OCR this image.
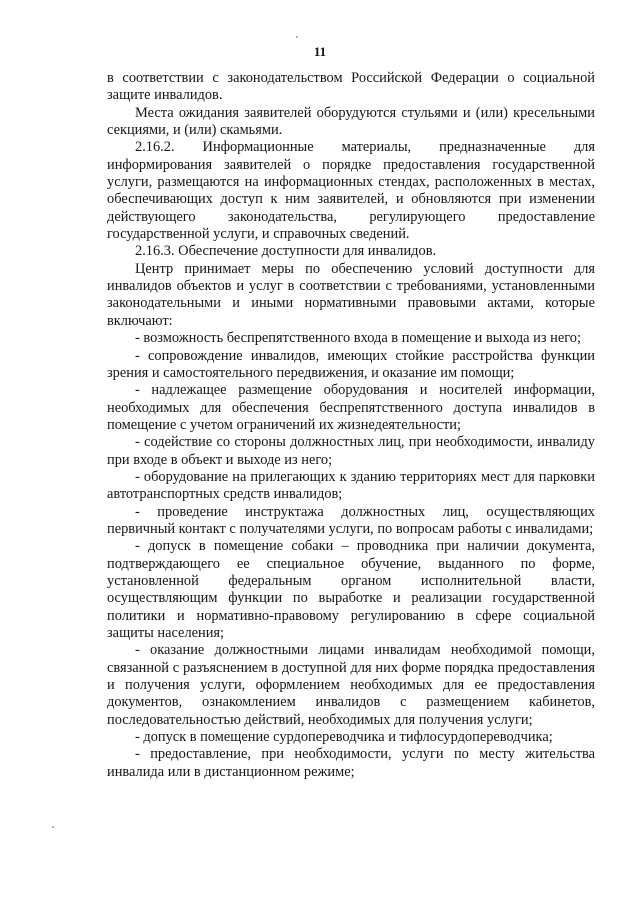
11

в соответствии с законодательством Российской Федерации о социальной защите инвалидов.

Места ожидания заявителей оборудуются стульями и (или) кресельными секциями, и (или) скамьями.

2.16.2. Информационные материалы, предназначенные для информирования заявителей о порядке предоставления государственной услуги, размещаются на информационных стендах, расположенных в местах, обеспечивающих доступ к ним заявителей, и обновляются при изменении действующего законодательства, регулирующего предоставление государственной услуги, и справочных сведений.

2.16.3. Обеспечение доступности для инвалидов.

Центр принимает меры по обеспечению условий доступности для инвалидов объектов и услуг в соответствии с требованиями, установленными законодательными и иными нормативными правовыми актами, которые включают:

- возможность беспрепятственного входа в помещение и выхода из него;

- сопровождение инвалидов, имеющих стойкие расстройства функции зрения и самостоятельного передвижения, и оказание им помощи;

- надлежащее размещение оборудования и носителей информации, необходимых для обеспечения беспрепятственного доступа инвалидов в помещение с учетом ограничений их жизнедеятельности;

- содействие со стороны должностных лиц, при необходимости, инвалиду при входе в объект и выходе из него;

- оборудование на прилегающих к зданию территориях мест для парковки автотранспортных средств инвалидов;

- проведение инструктажа должностных лиц, осуществляющих первичный контакт с получателями услуги, по вопросам работы с инвалидами;

- допуск в помещение собаки – проводника при наличии документа, подтверждающего ее специальное обучение, выданного по форме, установленной федеральным органом исполнительной власти, осуществляющим функции по выработке и реализации государственной политики и нормативно-правовому регулированию в сфере социальной защиты населения;

- оказание должностными лицами инвалидам необходимой помощи, связанной с разъяснением в доступной для них форме порядка предоставления и получения услуги, оформлением необходимых для ее предоставления документов, ознакомлением инвалидов с размещением кабинетов, последовательностью действий, необходимых для получения услуги;

- допуск в помещение сурдопереводчика и тифлосурдопереводчика;

- предоставление, при необходимости, услуги по месту жительства инвалида или в дистанционном режиме;
